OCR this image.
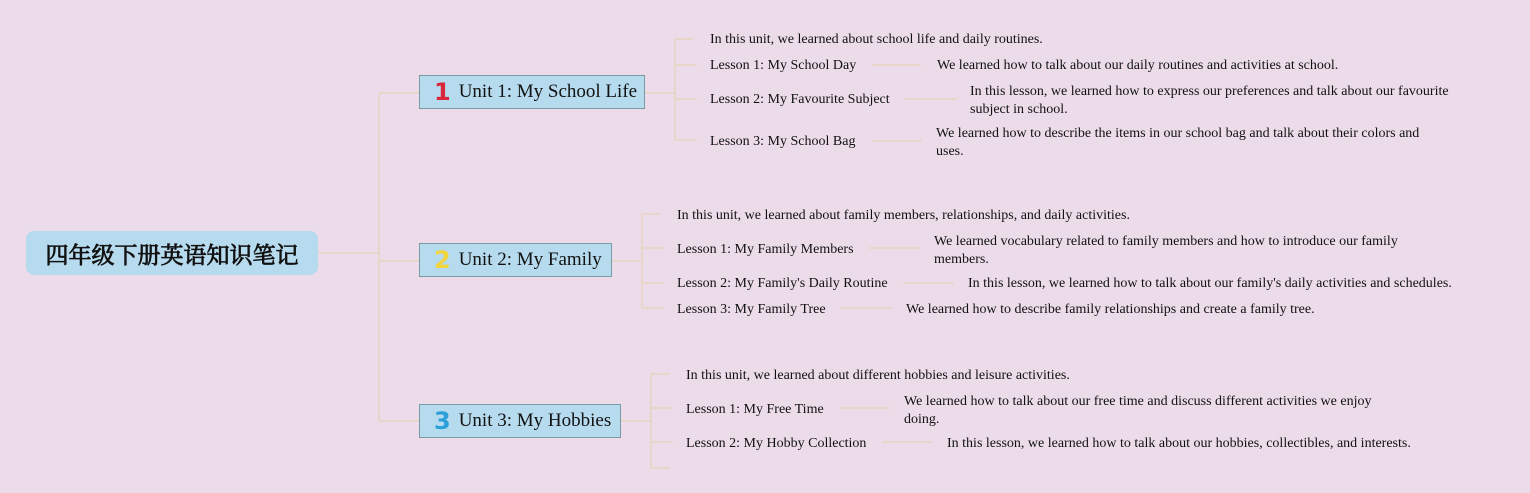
四年级下册英语知识笔记
1 Unit 1: My School Life
In this unit, we learned about school life and daily routines.
Lesson 1: My School Day	We learned how to talk about our daily routines and activities at school.
Lesson 2: My Favourite Subject
In this lesson, we learned how to express our preferences and talk about our favourite subject in school.
Lesson 3: My School Bag
We learned how to describe the items in our school bag and talk about their colors and uses.
2 Unit 2: My Family
In this unit, we learned about family members, relationships, and daily activities.
Lesson 1: My Family Members
We learned vocabulary related to family members and how to introduce our family members.
Lesson 2: My Family's Daily Routine	In this lesson, we learned how to talk about our family's daily activities and schedules.
Lesson 3: My Family Tree	We learned how to describe family relationships and create a family tree.
3 Unit 3: My Hobbies
In this unit, we learned about different hobbies and leisure activities.
Lesson 1: My Free Time
We learned how to talk about our free time and discuss different activities we enjoy doing.
Lesson 2: My Hobby Collection	In this lesson, we learned how to talk about our hobbies, collectibles, and interests.
